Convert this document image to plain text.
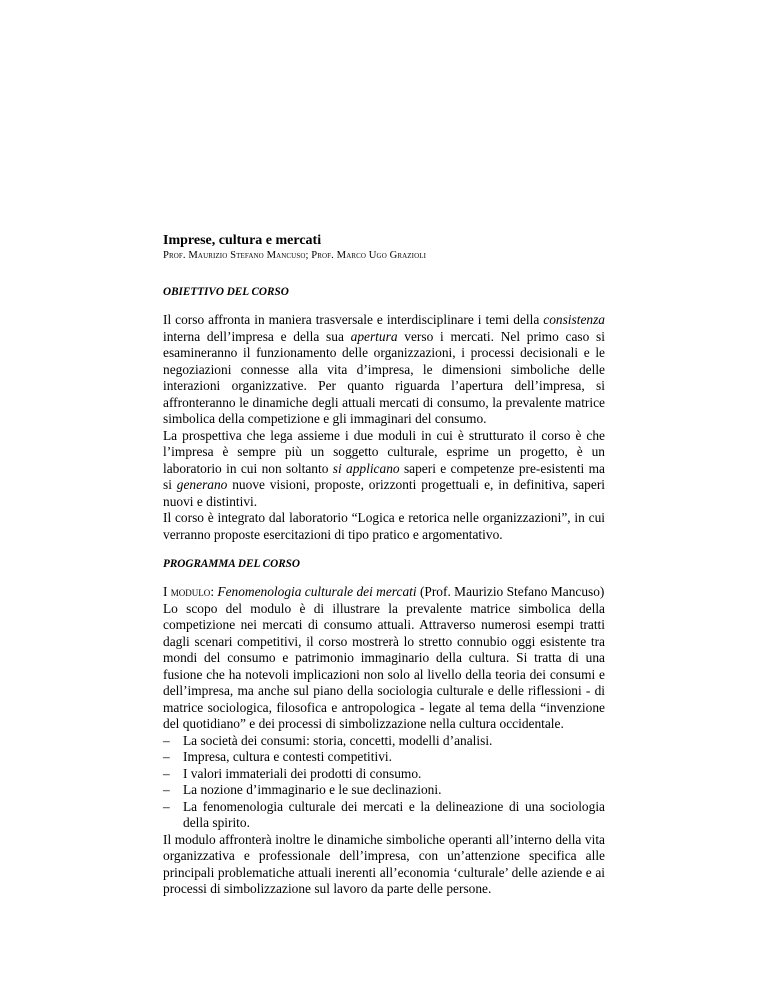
Imprese, cultura e mercati

Prof. Maurizio Stefano Mancuso; Prof. Marco Ugo Grazioli

OBIETTIVO DEL CORSO

Il corso affronta in maniera trasversale e interdisciplinare i temi della consistenza interna dell’impresa e della sua apertura verso i mercati. Nel primo caso si esamineranno il funzionamento delle organizzazioni, i processi decisionali e le negoziazioni connesse alla vita d’impresa, le dimensioni simboliche delle interazioni organizzative. Per quanto riguarda l’apertura dell’impresa, si affronteranno le dinamiche degli attuali mercati di consumo, la prevalente matrice simbolica della competizione e gli immaginari del consumo.

La prospettiva che lega assieme i due moduli in cui è strutturato il corso è che l’impresa è sempre più un soggetto culturale, esprime un progetto, è un laboratorio in cui non soltanto si applicano saperi e competenze pre-esistenti ma si generano nuove visioni, proposte, orizzonti progettuali e, in definitiva, saperi nuovi e distintivi.

Il corso è integrato dal laboratorio “Logica e retorica nelle organizzazioni”, in cui verranno proposte esercitazioni di tipo pratico e argomentativo.

PROGRAMMA DEL CORSO

I modulo: Fenomenologia culturale dei mercati (Prof. Maurizio Stefano Mancuso)

Lo scopo del modulo è di illustrare la prevalente matrice simbolica della competizione nei mercati di consumo attuali. Attraverso numerosi esempi tratti dagli scenari competitivi, il corso mostrerà lo stretto connubio oggi esistente tra mondi del consumo e patrimonio immaginario della cultura. Si tratta di una fusione che ha notevoli implicazioni non solo al livello della teoria dei consumi e dell’impresa, ma anche sul piano della sociologia culturale e delle riflessioni - di matrice sociologica, filosofica e antropologica - legate al tema della “invenzione del quotidiano” e dei processi di simbolizzazione nella cultura occidentale.

– La società dei consumi: storia, concetti, modelli d’analisi.
– Impresa, cultura e contesti competitivi.
– I valori immateriali dei prodotti di consumo.
– La nozione d’immaginario e le sue declinazioni.
– La fenomenologia culturale dei mercati e la delineazione di una sociologia della spirito.

Il modulo affronterà inoltre le dinamiche simboliche operanti all’interno della vita organizzativa e professionale dell’impresa, con un’attenzione specifica alle principali problematiche attuali inerenti all’economia ‘culturale’ delle aziende e ai processi di simbolizzazione sul lavoro da parte delle persone.
